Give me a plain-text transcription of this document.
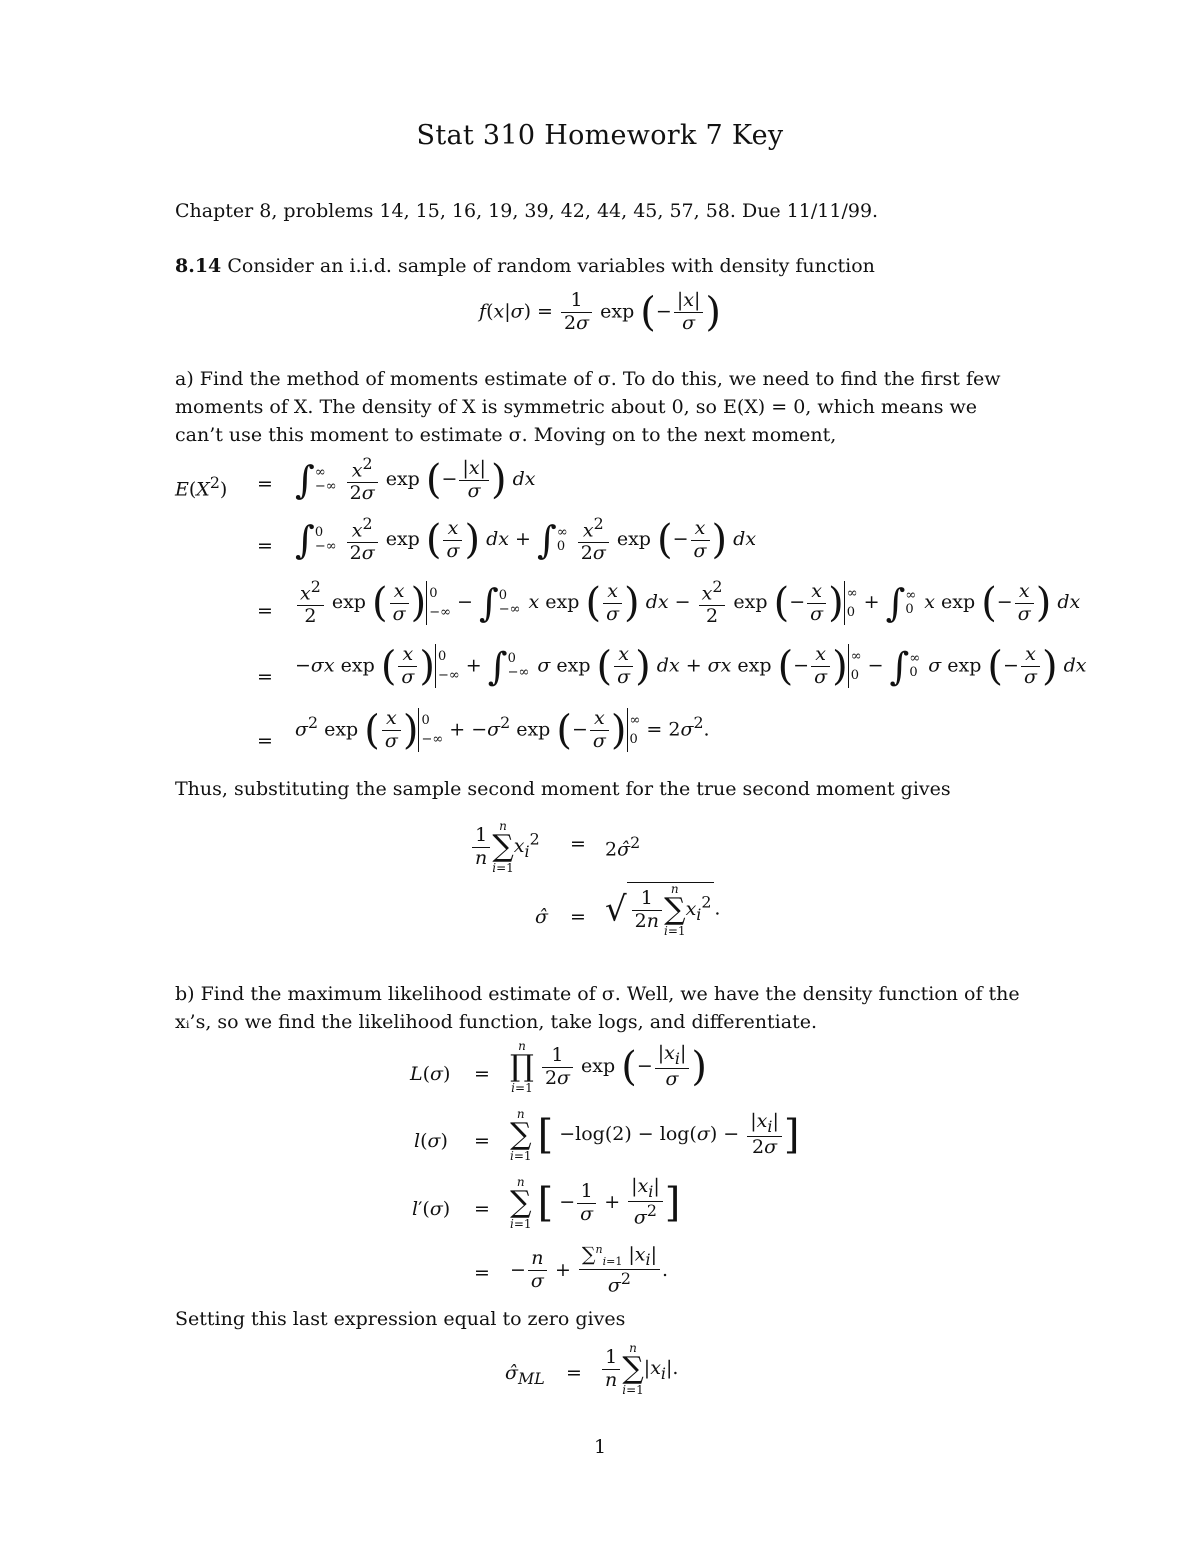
Stat 310 Homework 7 Key
Chapter 8, problems 14, 15, 16, 19, 39, 42, 44, 45, 57, 58. Due 11/11/99.
8.14 Consider an i.i.d. sample of random variables with density function
$f(x|\sigma) = \frac{1}{2\sigma}$ exp (− $\frac{|x|}{\sigma}$ )
a) Find the method of moments estimate of σ. To do this, we need to find the first few
moments of X. The density of X is symmetric about 0, so E(X) = 0, which means we
can’t use this moment to estimate σ. Moving on to the next moment,
$E(X^2)$ = ∫ ∞
−∞
$\frac{x^2}{2\sigma}$ exp (− $\frac{|x|}{\sigma}$ ) dx
= ∫ 0
−∞
$\frac{x^2}{2\sigma}$ exp ( $\frac{x}{\sigma}$ ) dx + ∫ ∞
0
$\frac{x^2}{2\sigma}$ exp (− $\frac{x}{\sigma}$ ) dx
= $\frac{x^2}{2}$ exp ( $\frac{x}{\sigma}$ ) 0
−∞ − ∫ 0
−∞ x exp ( $\frac{x}{\sigma}$ ) dx − $\frac{x^2}{2}$ exp (− $\frac{x}{\sigma}$ ) ∞
0 + ∫ ∞
0 x exp (− $\frac{x}{\sigma}$ ) dx
=
−σx exp ( $\frac{x}{\sigma}$ ) 0
−∞ + ∫ 0
−∞ σ exp ( $\frac{x}{\sigma}$ ) dx + σx exp (− $\frac{x}{\sigma}$ ) ∞
0 − ∫ ∞
0 σ exp (− $\frac{x}{\sigma}$ ) dx
=
$\sigma^2$ exp ( $\frac{x}{\sigma}$ ) 0
−∞ + $-\sigma^2$ exp (− $\frac{x}{\sigma}$ ) ∞
$0 = 2\sigma^2$.
Thus, substituting the sample second moment for the true second moment gives
$\frac{1}{n}$ n
∑
i=1
$x_i^2$ = 2σ̂$^2$
σ̂ = √ $\frac{1}{2n}$ n
∑
i=1
$x_i^2$ .
b) Find the maximum likelihood estimate of σ. Well, we have the density function of the
xᵢ’s, so we find the likelihood function, take logs, and differentiate.
L(σ) =
n
∏
i=1
$\frac{1}{2\sigma}$ exp (− $\frac{|x_i|}{\sigma}$ )
l(σ) =
n
∑
i=1 [ $-\log(2) - \log(\sigma) - \frac{|x_i|}{2\sigma}$ ]
l′(σ) =
n
∑
i=1 [ − $\frac{1}{\sigma} + \frac{|x_i|}{\sigma^2}$ ]
= − $\frac{n}{\sigma} + \frac{\sum^n_{i=1} |x_i|}{\sigma^2}$ .
Setting this last expression equal to zero gives
$\sigmâ_{ML} = \frac{1}{n}$ n
∑
i=1
$|x_i|$.
1
